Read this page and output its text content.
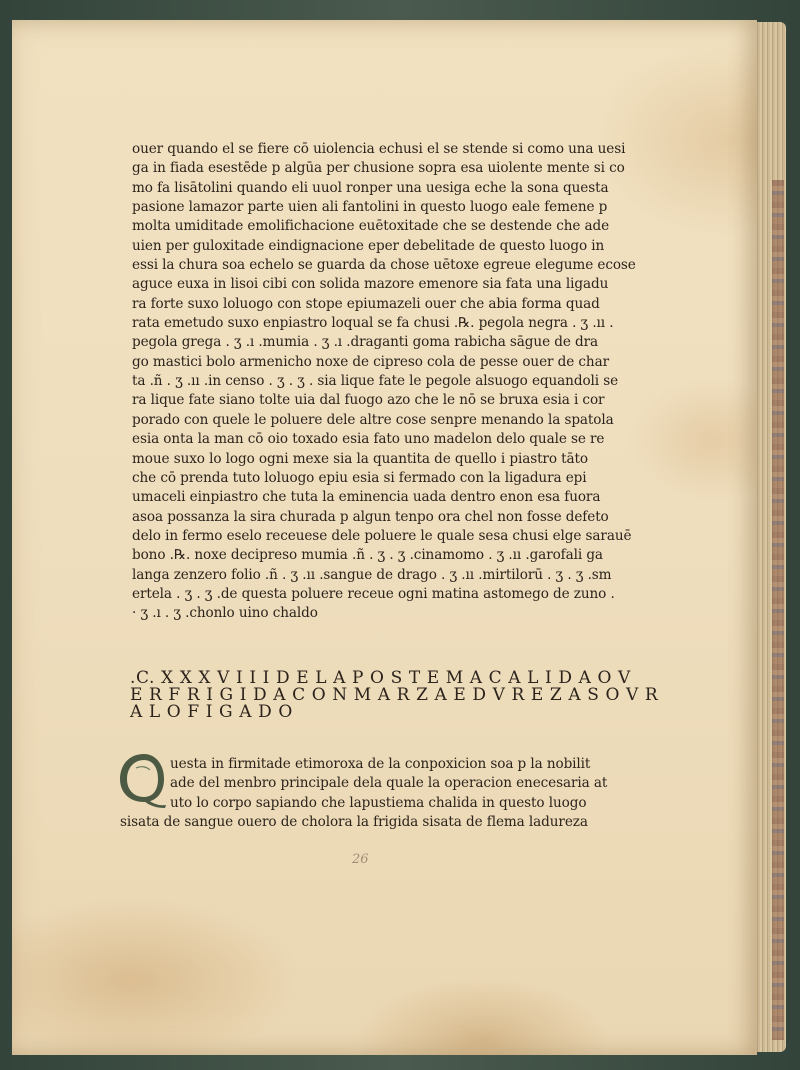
ouer quando el se fiere cō uiolencia echusi el se stende si como una uesi
ga in fiada esestēde p algūa per chusione sopra esa uiolente mente si co
mo fa lisātolini quando eli uuol ronper una uesiga eche la sona questa
pasione lamazor parte uien ali fantolini in questo luogo eale femene p
molta umiditade emolifichacione euētoxitade che se destende che ade
uien per guloxitade eindignacione eper debelitade de questo luogo in
essi la chura soa echelo se guarda da chose uētoxe egreue elegume ecose
aguce euxa in lisoi cibi con solida mazore emenore sia fata una ligadu
ra forte suxo loluogo con stope epiumazeli ouer che abia forma quad
rata emetudo suxo enpiastro loqual se fa chusi .℞. pegola negra . ʒ .ıı .
pegola grega . ʒ .ı .mumia . ʒ .ı .draganti goma rabicha sāgue de dra
go mastici bolo armenicho noxe de cipreso cola de pesse ouer de char
ta .ñ . ʒ .ıı .in censo . ʒ . ʒ . sia lique fate le pegole alsuogo equandoli se
ra lique fate siano tolte uia dal fuogo azo che le nō se bruxa esia i cor
porado con quele le poluere dele altre cose senpre menando la spatola
esia onta la man cō oio toxado esia fato uno madelon delo quale se re
moue suxo lo logo ogni mexe sia la quantita de quello i piastro tāto
che cō prenda tuto loluogo epiu esia si fermado con la ligadura epi
umaceli einpiastro che tuta la eminencia uada dentro enon esa fuora
asoa possanza la sira churada p algun tenpo ora chel non fosse defeto
delo in fermo eselo receuese dele poluere le quale sesa chusi elge sarauē
bono .℞. noxe decipreso mumia .ñ . ʒ . ʒ .cinamomo . ʒ .ıı .garofali ga
langa zenzero folio .ñ . ʒ .ıı .sangue de drago . ʒ .ıı .mirtilorū . ʒ . ʒ .sm
ertela . ʒ . ʒ .de questa poluere receue ogni matina astomego de zuno .
· ʒ .ı . ʒ .chonlo uino chaldo
.C. X X X V I I I D E L A P O S T E M A C A L I D A O V
E R F R I G I D A C O N M A R Z A E D V R E Z A S O V R
A L O F I G A D O
uesta in firmitade etimoroxa de la conpoxicion soa p la nobilit
ade del menbro principale dela quale la operacion enecesaria at
uto lo corpo sapiando che lapustiema chalida in questo luogo
sisata de sangue ouero de cholora la frigida sisata de flema ladureza
26
